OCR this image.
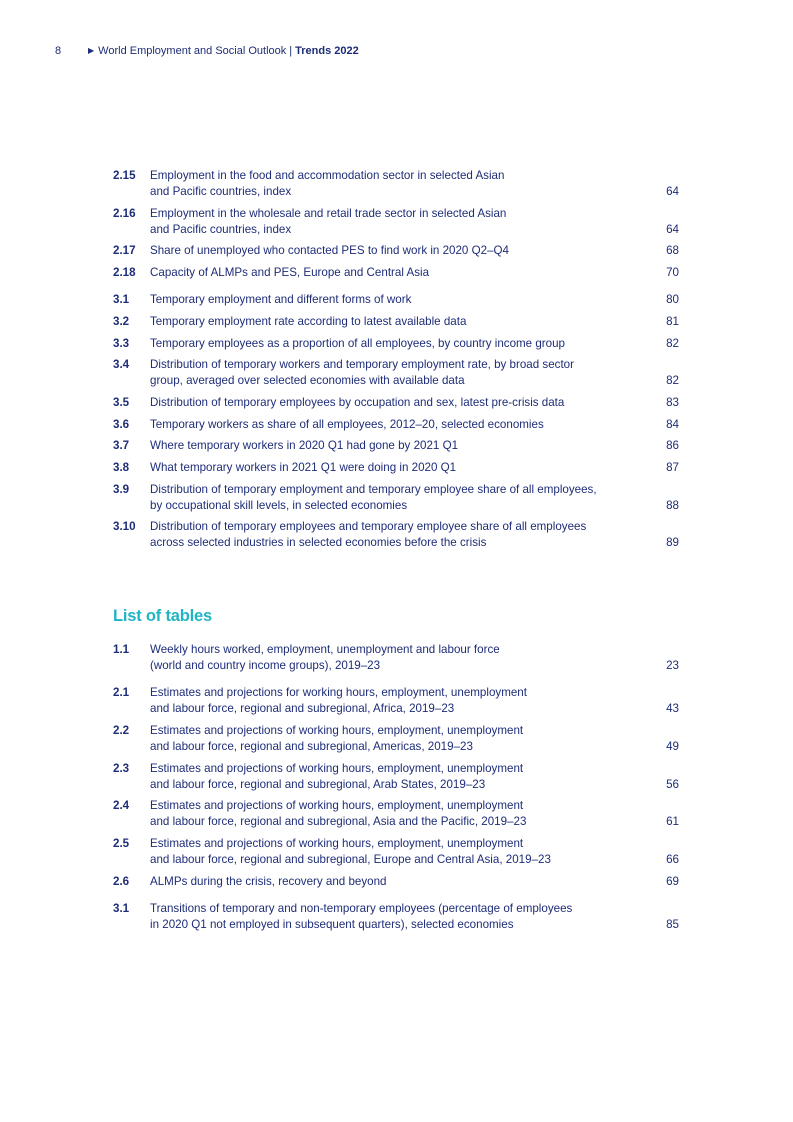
8	▶ World Employment and Social Outlook | Trends 2022
2.15 Employment in the food and accommodation sector in selected Asian
and Pacific countries, index	64
2.16 Employment in the wholesale and retail trade sector in selected Asian
and Pacific countries, index	64
2.17 Share of unemployed who contacted PES to find work in 2020 Q2–Q4	68
2.18 Capacity of ALMPs and PES, Europe and Central Asia	70
3.1 Temporary employment and different forms of work	80
3.2 Temporary employment rate according to latest available data	81
3.3 Temporary employees as a proportion of all employees, by country income group	82
3.4 Distribution of temporary workers and temporary employment rate, by broad sector
group, averaged over selected economies with available data	82
3.5 Distribution of temporary employees by occupation and sex, latest pre-crisis data	83
3.6 Temporary workers as share of all employees, 2012–20, selected economies	84
3.7 Where temporary workers in 2020 Q1 had gone by 2021 Q1	86
3.8 What temporary workers in 2021 Q1 were doing in 2020 Q1	87
3.9 Distribution of temporary employment and temporary employee share of all employees,
by occupational skill levels, in selected economies	88
3.10 Distribution of temporary employees and temporary employee share of all employees
across selected industries in selected economies before the crisis	89
List of tables
1.1 Weekly hours worked, employment, unemployment and labour force
(world and country income groups), 2019–23	23
2.1 Estimates and projections for working hours, employment, unemployment
and labour force, regional and subregional, Africa, 2019–23	43
2.2 Estimates and projections of working hours, employment, unemployment
and labour force, regional and subregional, Americas, 2019–23	49
2.3 Estimates and projections of working hours, employment, unemployment
and labour force, regional and subregional, Arab States, 2019–23	56
2.4 Estimates and projections of working hours, employment, unemployment
and labour force, regional and subregional, Asia and the Pacific, 2019–23	61
2.5 Estimates and projections of working hours, employment, unemployment
and labour force, regional and subregional, Europe and Central Asia, 2019–23	66
2.6 ALMPs during the crisis, recovery and beyond	69
3.1 Transitions of temporary and non-temporary employees (percentage of employees
in 2020 Q1 not employed in subsequent quarters), selected economies	85
